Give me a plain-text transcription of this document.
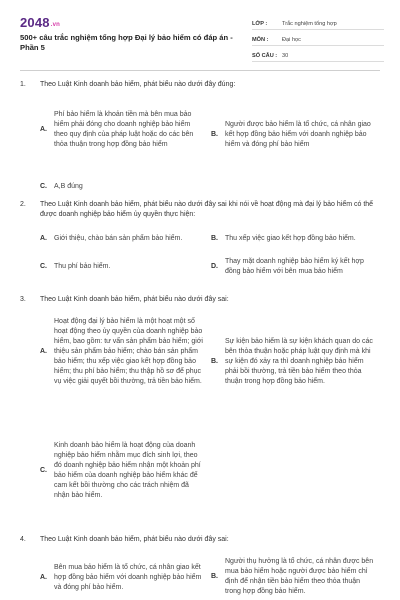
2048.vn
500+ câu trắc nghiệm tổng hợp Đại lý bảo hiểm có đáp án - Phần 5
LỚP :	Trắc nghiệm tổng hợp
MÔN :	Đại học
SỐ CÂU : 30
1.	Theo Luật Kinh doanh bảo hiểm, phát biểu nào dưới đây đúng:
A.
Phí bảo hiểm là khoản tiền mà bên mua bảo hiểm phải đóng cho doanh nghiệp bảo hiểm theo quy định của pháp luật hoặc do các bên thỏa thuận trong hợp đồng bảo hiểm
B.
Người được bảo hiểm là tổ chức, cá nhân giao kết hợp đồng bảo hiểm với doanh nghiệp bảo hiểm và đóng phí bảo hiểm
C.	A,B đúng
2.	Theo Luật Kinh doanh bảo hiểm, phát biểu nào dưới đây sai khi nói về hoạt động mà đại lý bảo hiểm có thể được doanh nghiệp bảo hiểm ủy quyền thực hiện:
A.	Giới thiệu, chào bán sản phẩm bảo hiểm.	B.	Thu xếp việc giao kết hợp đồng bảo hiểm.
C.	Thu phí bảo hiểm.	D.
Thay mặt doanh nghiệp bảo hiểm ký kết hợp đồng bảo hiểm với bên mua bảo hiểm
3.	Theo Luật Kinh doanh bảo hiểm, phát biểu nào dưới đây sai:
A.
Hoạt động đại lý bảo hiểm là một hoạt một số hoạt động theo ủy quyền của doanh nghiệp bảo hiểm, bao gồm: tư vấn sản phẩm bảo hiểm; giới thiệu sản phẩm bảo hiểm; chào bán sản phẩm bảo hiểm; thu xếp việc giao kết hợp đồng bảo hiểm; thu phí bảo hiểm; thu thập hồ sơ để phục vụ việc giải quyết bồi thường, trả tiền bảo hiểm.
B.
Sự kiện bảo hiểm là sự kiện khách quan do các bên thỏa thuận hoặc pháp luật quy định mà khi sự kiện đó xảy ra thì doanh nghiệp bảo hiểm phải bồi thường, trả tiền bảo hiểm theo thỏa thuận trong hợp đồng bảo hiểm.
C.
Kinh doanh bảo hiểm là hoạt động của doanh nghiệp bảo hiểm nhằm mục đích sinh lợi, theo đó doanh nghiệp bảo hiểm nhận một khoản phí bảo hiểm của doanh nghiệp bảo hiểm khác để cam kết bồi thường cho các trách nhiệm đã nhận bảo hiểm.
4.	Theo Luật Kinh doanh bảo hiểm, phát biểu nào dưới đây sai:
A.
Bên mua bảo hiểm là tổ chức, cá nhân giao kết hợp đồng bảo hiểm với doanh nghiệp bảo hiểm và đóng phí bảo hiểm.
B.
Người thụ hưởng là tổ chức, cá nhân được bên mua bảo hiểm hoặc người được bảo hiểm chỉ định để nhận tiền bảo hiểm theo thỏa thuận trong hợp đồng bảo hiểm.
